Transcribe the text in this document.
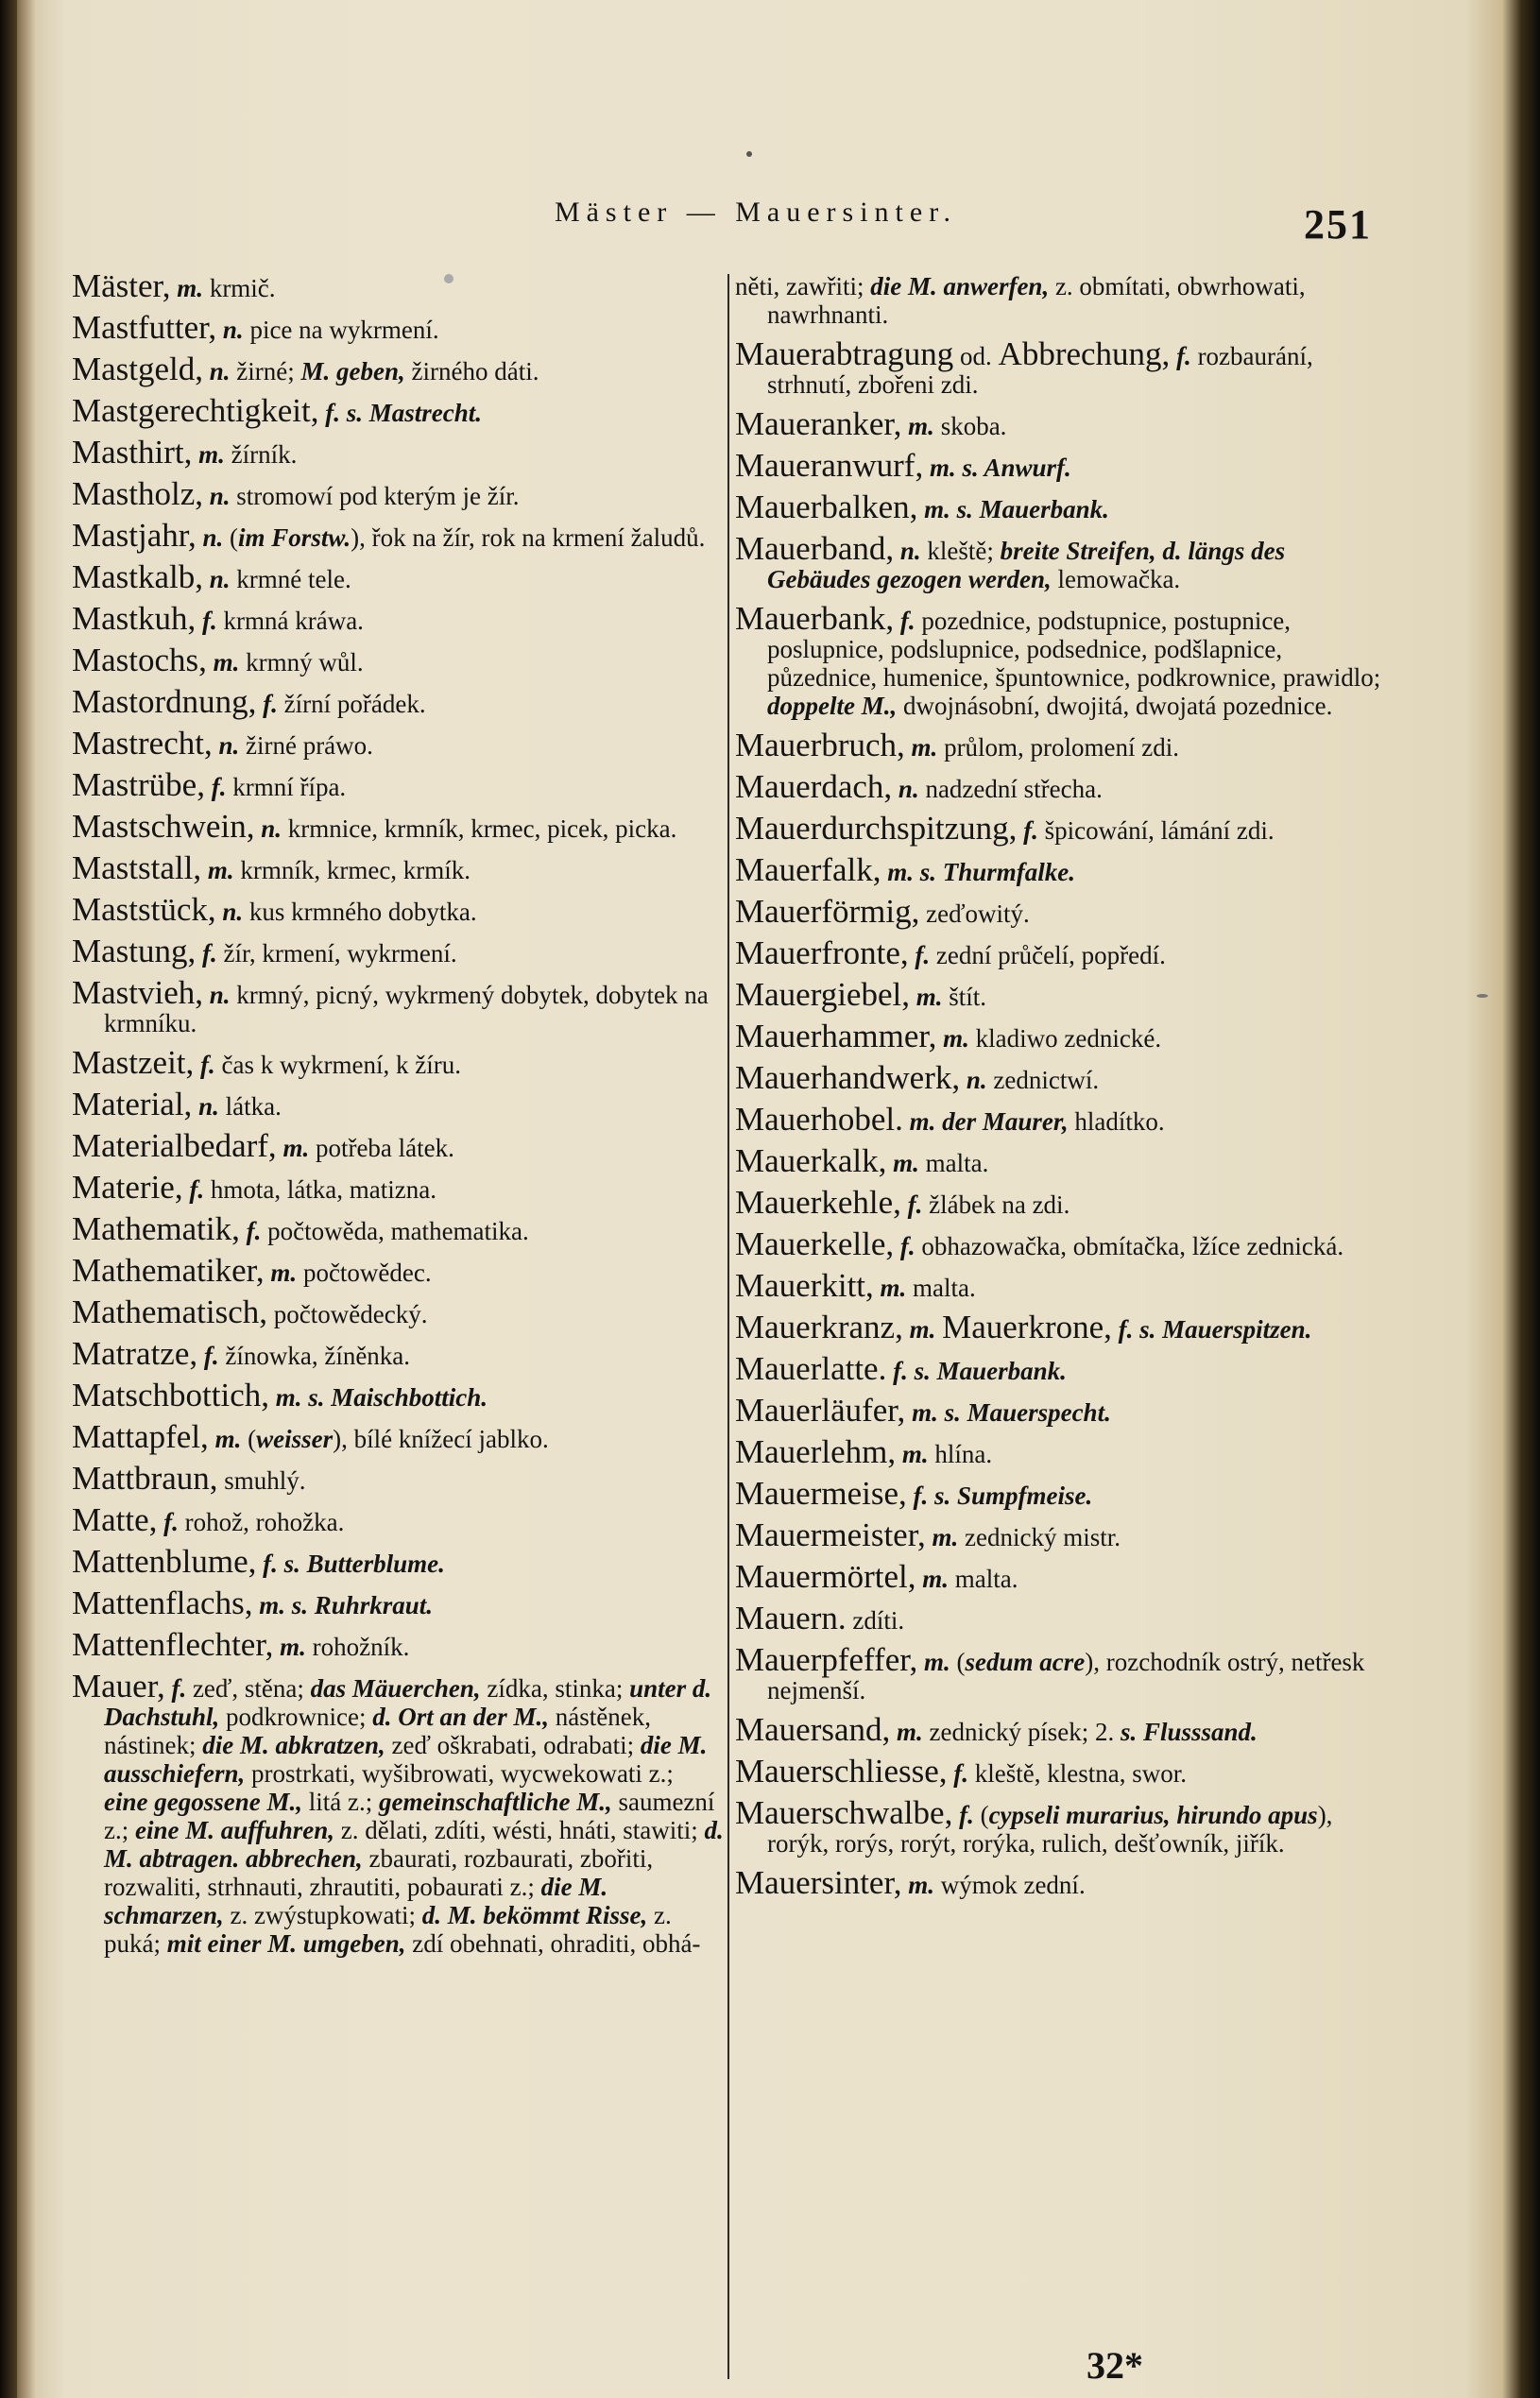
Mäster — Mauersinter.	251
Mäster, m. krmič.
Mastfutter, n. pice na wykrmení.
Mastgeld, n. žirné; M. geben, žirného dáti.
Mastgerechtigkeit, f. s. Mastrecht.
Masthirt, m. žírník.
Mastholz, n. stromowí pod kterým je žír.
Mastjahr, n. (im Forstw.), řok na žír, rok na krmení žaludů.
Mastkalb, n. krmné tele.
Mastkuh, f. krmná kráwa.
Mastochs, m. krmný wůl.
Mastordnung, f. žírní pořádek.
Mastrecht, n. žirné práwo.
Mastrübe, f. krmní řípa.
Mastschwein, n. krmnice, krmník, krmec, picek, picka.
Maststall, m. krmník, krmec, krmík.
Maststück, n. kus krmného dobytka.
Mastung, f. žír, krmení, wykrmení.
Mastvieh, n. krmný, picný, wykrmený dobytek, dobytek na krmníku.
Mastzeit, f. čas k wykrmení, k žíru.
Material, n. látka.
Materialbedarf, m. potřeba látek.
Materie, f. hmota, látka, matizna.
Mathematik, f. počtowěda, mathematika.
Mathematiker, m. počtowědec.
Mathematisch, počtowědecký.
Matratze, f. žínowka, žíněnka.
Matschbottich, m. s. Maischbottich.
Mattapfel, m. (weisser), bílé knížecí jablko.
Mattbraun, smuhlý.
Matte, f. rohož, rohožka.
Mattenblume, f. s. Butterblume.
Mattenflachs, m. s. Ruhrkraut.
Mattenflechter, m. rohožník.
Mauer, f. zeď, stěna; das Mäuerchen, zídka, stinka; unter d. Dachstuhl, podkrownice; d. Ort an der M., nástěnek, nástinek; die M. abkratzen, zeď oškrabati, odrabati; die M. ausschiefern, prostrkati, wyšibrowati, wycwekowati z.; eine gegossene M., litá z.; gemeinschaftliche M., saumezní z.; eine M. auffuhren, z. dělati, zdíti, wésti, hnáti, stawiti; d. M. abtragen. abbrechen, zbaurati, rozbaurati, zbořiti, rozwaliti, strhnauti, zhrautiti, pobaurati z.; die M. schmarzen, z. zwýstupkowati; d. M. bekömmt Risse, z. puká; mit einer M. umgeben, zdí obehnati, ohraditi, obhá-
něti, zawřiti; die M. anwerfen, z. obmítati, obwrhowati, nawrhnanti.
Mauerabtragung od. Abbrechung, f. rozbaurání, strhnutí, zbořeni zdi.
Maueranker, m. skoba.
Maueranwurf, m. s. Anwurf.
Mauerbalken, m. s. Mauerbank.
Mauerband, n. kleště; breite Streifen, d. längs des Gebäudes gezogen werden, lemowačka.
Mauerbank, f. pozednice, podstupnice, postupnice, poslupnice, podslupnice, podsednice, podšlapnice, půzednice, humenice, špuntownice, podkrownice, prawidlo; doppelte M., dwojnásobní, dwojitá, dwojatá pozednice.
Mauerbruch, m. průlom, prolomení zdi.
Mauerdach, n. nadzední střecha.
Mauerdurchspitzung, f. špicowání, lámání zdi.
Mauerfalk, m. s. Thurmfalke.
Mauerförmig, zeďowitý.
Mauerfronte, f. zední průčelí, popředí.
Mauergiebel, m. štít.
Mauerhammer, m. kladiwo zednické.
Mauerhandwerk, n. zednictwí.
Mauerhobel. m. der Maurer, hladítko.
Mauerkalk, m. malta.
Mauerkehle, f. žlábek na zdi.
Mauerkelle, f. obhazowačka, obmítačka, lžíce zednická.
Mauerkitt, m. malta.
Mauerkranz, m. Mauerkrone, f. s. Mauerspitzen.
Mauerlatte. f. s. Mauerbank.
Mauerläufer, m. s. Mauerspecht.
Mauerlehm, m. hlína.
Mauermeise, f. s. Sumpfmeise.
Mauermeister, m. zednický mistr.
Mauermörtel, m. malta.
Mauern. zdíti.
Mauerpfeffer, m. (sedum acre), rozchodník ostrý, netřesk nejmenší.
Mauersand, m. zednický písek; 2. s. Flusssand.
Mauerschliesse, f. kleště, klestna, swor.
Mauerschwalbe, f. (cypseli murarius, hirundo apus), rorýk, rorýs, rorýt, rorýka, rulich, dešťowník, jiřík.
Mauersinter, m. wýmok zední.
32*
